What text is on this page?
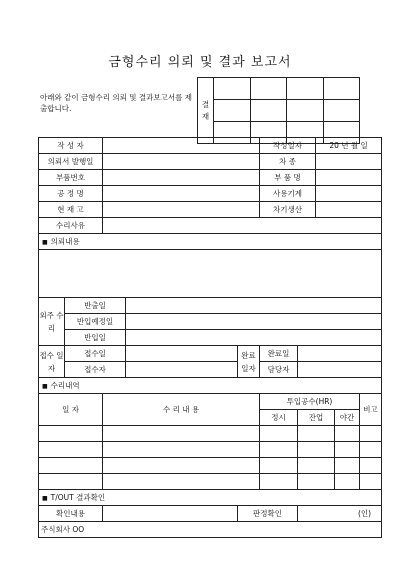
금형수리 의뢰 및 결과 보고서
아래와 같이 금형수리 의뢰 및 결과보고서를 제출합니다.	결 재				

작 성 자					작성일자		20 년 월 일		
의뢰서 발행일					차 종				
부품번호					부 품 명				
공 정 명					사용기계				
현 재 고					차기생산				
수리사유									
■ 의뢰내용									

외주 수리	반출일								
	반입예정일								
	반입일								
접수 일자	접수일			완료 일자	완료일				
	접수자				담당자				
■ 수리내역									
일 자		수 리 내 용			투입공수(HR)				비고
					정시	잔업		야간	

■ T/OUT 결과확인									
확인내용				판정확인		(인)			
주식회사 OO									
